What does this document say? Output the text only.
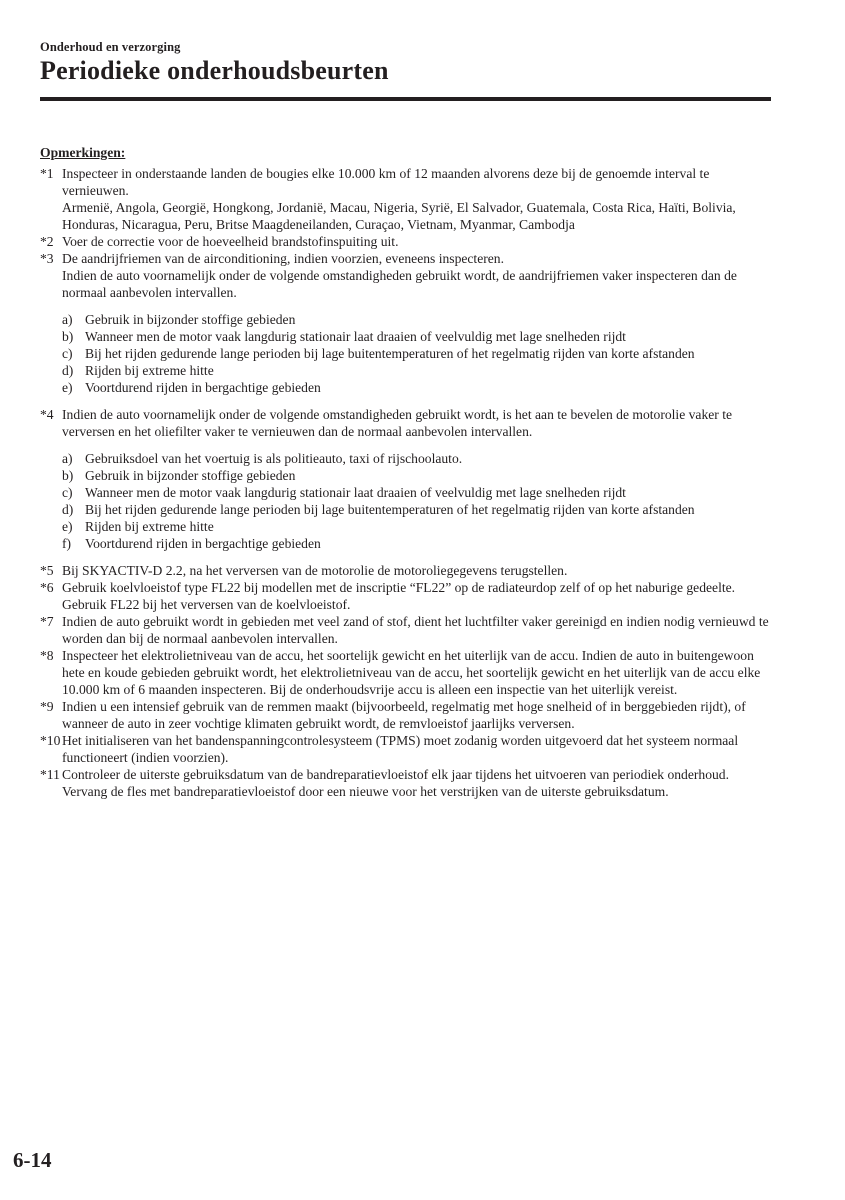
Onderhoud en verzorging
Periodieke onderhoudsbeurten
Opmerkingen:
*1 Inspecteer in onderstaande landen de bougies elke 10.000 km of 12 maanden alvorens deze bij de genoemde interval te vernieuwen.

Armenië, Angola, Georgië, Hongkong, Jordanië, Macau, Nigeria, Syrië, El Salvador, Guatemala, Costa Rica, Haïti, Bolivia, Honduras, Nicaragua, Peru, Britse Maagdeneilanden, Curaçao, Vietnam, Myanmar, Cambodja

*2 Voer de correctie voor de hoeveelheid brandstofinspuiting uit.

*3 De aandrijfriemen van de airconditioning, indien voorzien, eveneens inspecteren.

Indien de auto voornamelijk onder de volgende omstandigheden gebruikt wordt, de aandrijfriemen vaker inspecteren dan de normaal aanbevolen intervallen.

a) Gebruik in bijzonder stoffige gebieden
b) Wanneer men de motor vaak langdurig stationair laat draaien of veelvuldig met lage snelheden rijdt
c) Bij het rijden gedurende lange perioden bij lage buitentemperaturen of het regelmatig rijden van korte afstanden
d) Rijden bij extreme hitte
e) Voortdurend rijden in bergachtige gebieden
*4 Indien de auto voornamelijk onder de volgende omstandigheden gebruikt wordt, is het aan te bevelen de motorolie vaker te verversen en het oliefilter vaker te vernieuwen dan de normaal aanbevolen intervallen.

a) Gebruiksdoel van het voertuig is als politieauto, taxi of rijschoolauto.
b) Gebruik in bijzonder stoffige gebieden
c) Wanneer men de motor vaak langdurig stationair laat draaien of veelvuldig met lage snelheden rijdt
d) Bij het rijden gedurende lange perioden bij lage buitentemperaturen of het regelmatig rijden van korte afstanden
e) Rijden bij extreme hitte
f) Voortdurend rijden in bergachtige gebieden
*5 Bij SKYACTIV-D 2.2, na het verversen van de motorolie de motoroliegegevens terugstellen.

*6 Gebruik koelvloeistof type FL22 bij modellen met de inscriptie “FL22” op de radiateurdop zelf of op het naburige gedeelte. Gebruik FL22 bij het verversen van de koelvloeistof.

*7 Indien de auto gebruikt wordt in gebieden met veel zand of stof, dient het luchtfilter vaker gereinigd en indien nodig vernieuwd te worden dan bij de normaal aanbevolen intervallen.

*8 Inspecteer het elektrolietniveau van de accu, het soortelijk gewicht en het uiterlijk van de accu. Indien de auto in buitengewoon hete en koude gebieden gebruikt wordt, het elektrolietniveau van de accu, het soortelijk gewicht en het uiterlijk van de accu elke 10.000 km of 6 maanden inspecteren. Bij de onderhoudsvrije accu is alleen een inspectie van het uiterlijk vereist.

*9 Indien u een intensief gebruik van de remmen maakt (bijvoorbeeld, regelmatig met hoge snelheid of in berggebieden rijdt), of wanneer de auto in zeer vochtige klimaten gebruikt wordt, de remvloeistof jaarlijks verversen.

*10 Het initialiseren van het bandenspanningcontrolesysteem (TPMS) moet zodanig worden uitgevoerd dat het systeem normaal functioneert (indien voorzien).

*11 Controleer de uiterste gebruiksdatum van de bandreparatievloeistof elk jaar tijdens het uitvoeren van periodiek onderhoud. Vervang de fles met bandreparatievloeistof door een nieuwe voor het verstrijken van de uiterste gebruiksdatum.

6-14
